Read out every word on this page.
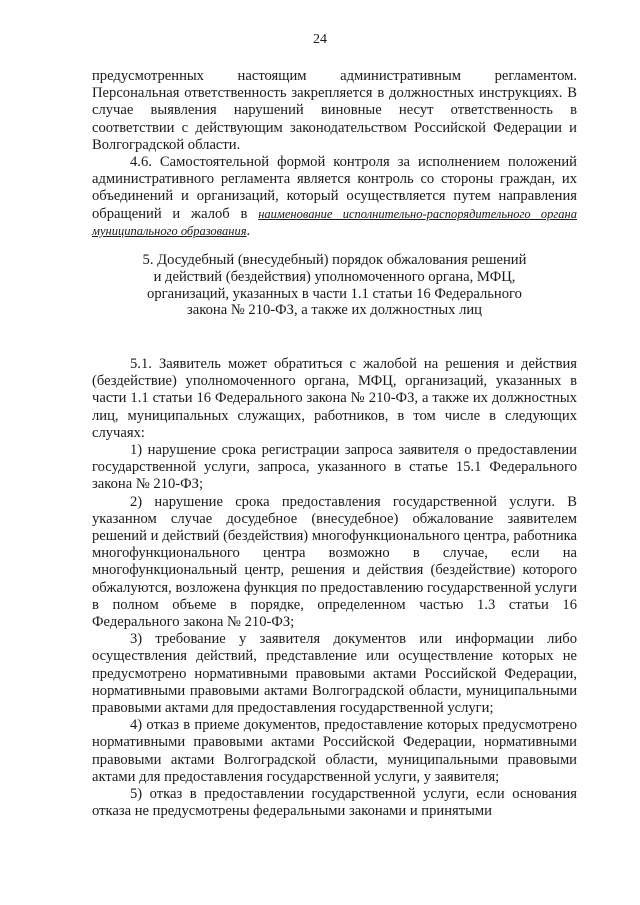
24

предусмотренных настоящим административным регламентом. Персональная ответственность закрепляется в должностных инструкциях. В случае выявления нарушений виновные несут ответственность в соответствии с действующим законодательством Российской Федерации и Волгоградской области.

4.6. Самостоятельной формой контроля за исполнением положений административного регламента является контроль со стороны граждан, их объединений и организаций, который осуществляется путем направления обращений и жалоб в наименование исполнительно-распорядительного органа муниципального образования.

5. Досудебный (внесудебный) порядок обжалования решений
и действий (бездействия) уполномоченного органа, МФЦ,
организаций, указанных в части 1.1 статьи 16 Федерального
закона № 210-ФЗ, а также их должностных лиц

5.1. Заявитель может обратиться с жалобой на решения и действия (бездействие) уполномоченного органа, МФЦ, организаций, указанных в части 1.1 статьи 16 Федерального закона № 210-ФЗ, а также их должностных лиц, муниципальных служащих, работников, в том числе в следующих случаях:

1) нарушение срока регистрации запроса заявителя о предоставлении государственной услуги, запроса, указанного в статье 15.1 Федерального закона № 210-ФЗ;

2) нарушение срока предоставления государственной услуги. В указанном случае досудебное (внесудебное) обжалование заявителем решений и действий (бездействия) многофункционального центра, работника многофункционального центра возможно в случае, если на многофункциональный центр, решения и действия (бездействие) которого обжалуются, возложена функция по предоставлению государственной услуги в полном объеме в порядке, определенном частью 1.3 статьи 16 Федерального закона № 210-ФЗ;

3) требование у заявителя документов или информации либо осуществления действий, представление или осуществление которых не предусмотрено нормативными правовыми актами Российской Федерации, нормативными правовыми актами Волгоградской области, муниципальными правовыми актами для предоставления государственной услуги;

4) отказ в приеме документов, предоставление которых предусмотрено нормативными правовыми актами Российской Федерации, нормативными правовыми актами Волгоградской области, муниципальными правовыми актами для предоставления государственной услуги, у заявителя;

5) отказ в предоставлении государственной услуги, если основания отказа не предусмотрены федеральными законами и принятыми
